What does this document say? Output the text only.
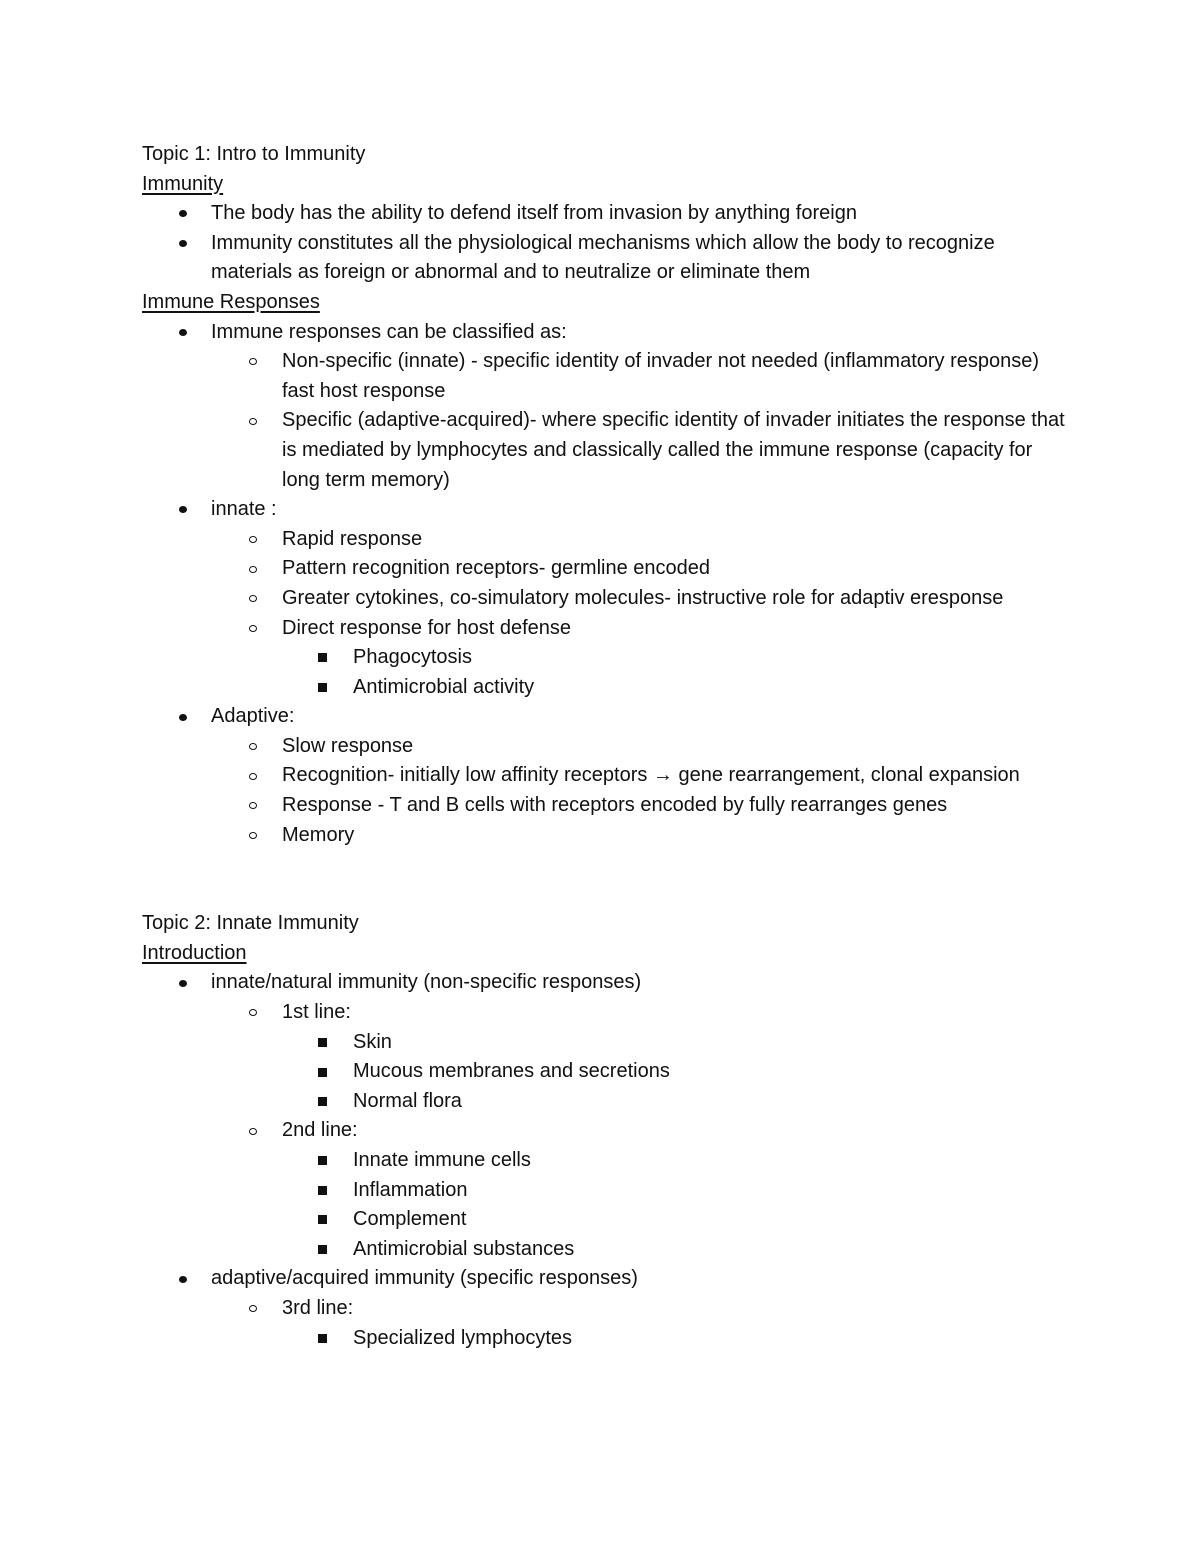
Topic 1: Intro to Immunity

Immunity

The body has the ability to defend itself from invasion by anything foreign
Immunity constitutes all the physiological mechanisms which allow the body to recognize materials as foreign or abnormal and to neutralize or eliminate them

Immune Responses

Immune responses can be classified as:
Non-specific (innate) - specific identity of invader not needed (inflammatory response) fast host response
Specific (adaptive-acquired)- where specific identity of invader initiates the response that is mediated by lymphocytes and classically called the immune response (capacity for long term memory)
innate :
Rapid response
Pattern recognition receptors- germline encoded
Greater cytokines, co-simulatory molecules- instructive role for adaptiv eresponse
Direct response for host defense
Phagocytosis
Antimicrobial activity
Adaptive:
Slow response
Recognition- initially low affinity receptors → gene rearrangement, clonal expansion
Response - T and B cells with receptors encoded by fully rearranges genes
Memory

Topic 2: Innate Immunity

Introduction

innate/natural immunity (non-specific responses)
1st line:
Skin
Mucous membranes and secretions
Normal flora
2nd line:
Innate immune cells
Inflammation
Complement
Antimicrobial substances
adaptive/acquired immunity (specific responses)
3rd line:
Specialized lymphocytes
